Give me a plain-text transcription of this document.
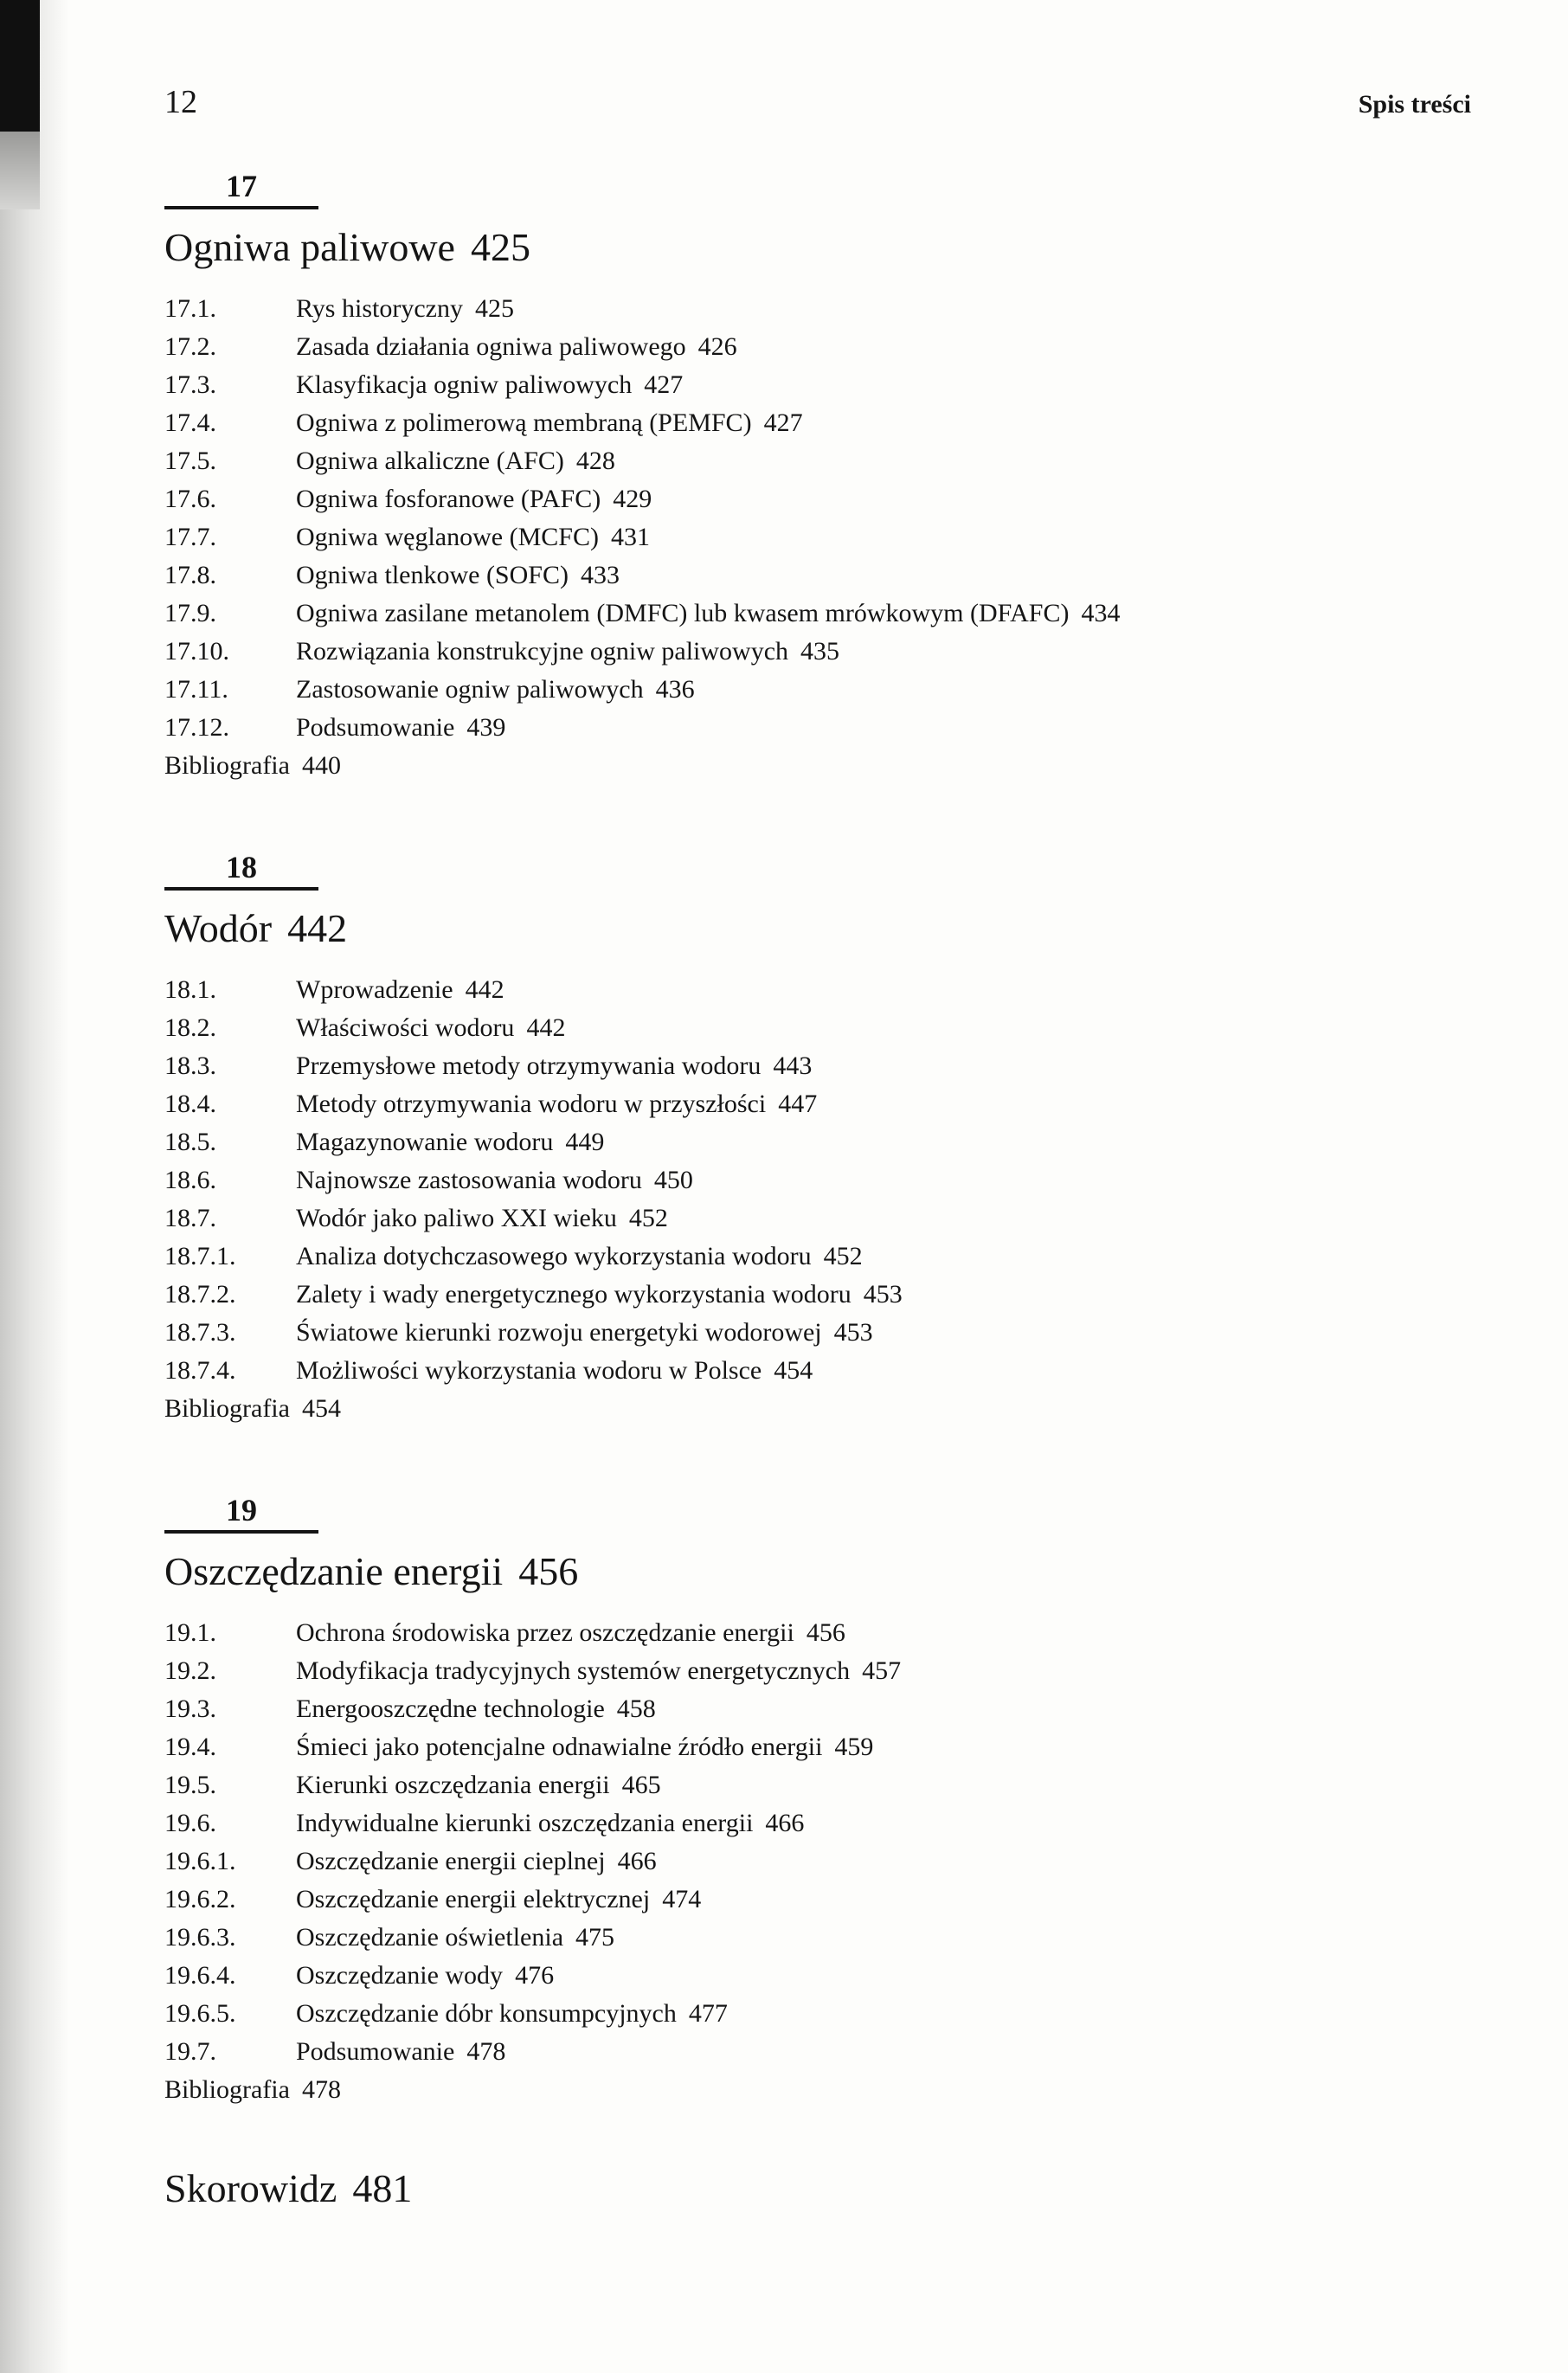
12	Spis treści
17
Ogniwa paliwowe 425
17.1.	Rys historyczny 425
17.2.	Zasada działania ogniwa paliwowego 426
17.3.	Klasyfikacja ogniw paliwowych 427
17.4.	Ogniwa z polimerową membraną (PEMFC) 427
17.5.	Ogniwa alkaliczne (AFC) 428
17.6.	Ogniwa fosforanowe (PAFC) 429
17.7.	Ogniwa węglanowe (MCFC) 431
17.8.	Ogniwa tlenkowe (SOFC) 433
17.9.	Ogniwa zasilane metanolem (DMFC) lub kwasem mrówkowym (DFAFC) 434
17.10.	Rozwiązania konstrukcyjne ogniw paliwowych 435
17.11.	Zastosowanie ogniw paliwowych 436
17.12.	Podsumowanie 439
Bibliografia 440
18
Wodór 442
18.1.	Wprowadzenie 442
18.2.	Właściwości wodoru 442
18.3.	Przemysłowe metody otrzymywania wodoru 443
18.4.	Metody otrzymywania wodoru w przyszłości 447
18.5.	Magazynowanie wodoru 449
18.6.	Najnowsze zastosowania wodoru 450
18.7.	Wodór jako paliwo XXI wieku 452
18.7.1.	Analiza dotychczasowego wykorzystania wodoru 452
18.7.2.	Zalety i wady energetycznego wykorzystania wodoru 453
18.7.3.	Światowe kierunki rozwoju energetyki wodorowej 453
18.7.4.	Możliwości wykorzystania wodoru w Polsce 454
Bibliografia 454
19
Oszczędzanie energii 456
19.1.	Ochrona środowiska przez oszczędzanie energii 456
19.2.	Modyfikacja tradycyjnych systemów energetycznych 457
19.3.	Energooszczędne technologie 458
19.4.	Śmieci jako potencjalne odnawialne źródło energii 459
19.5.	Kierunki oszczędzania energii 465
19.6.	Indywidualne kierunki oszczędzania energii 466
19.6.1.	Oszczędzanie energii cieplnej 466
19.6.2.	Oszczędzanie energii elektrycznej 474
19.6.3.	Oszczędzanie oświetlenia 475
19.6.4.	Oszczędzanie wody 476
19.6.5.	Oszczędzanie dóbr konsumpcyjnych 477
19.7.	Podsumowanie 478
Bibliografia 478
Skorowidz 481
